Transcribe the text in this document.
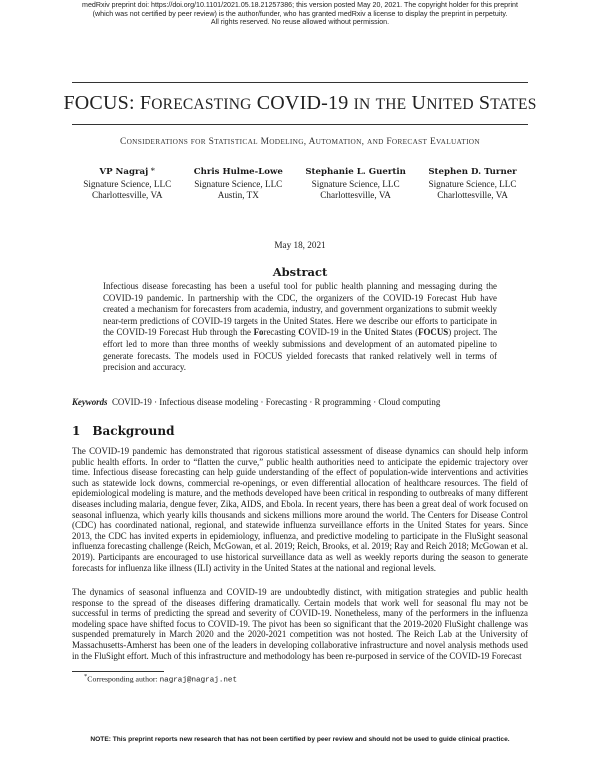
medRxiv preprint doi: https://doi.org/10.1101/2021.05.18.21257386; this version posted May 20, 2021. The copyright holder for this preprint
(which was not certified by peer review) is the author/funder, who has granted medRxiv a license to display the preprint in perpetuity.
All rights reserved. No reuse allowed without permission.
FOCUS: FORECASTING COVID-19 IN THE UNITED STATES
CONSIDERATIONS FOR STATISTICAL MODELING, AUTOMATION, AND FORECAST EVALUATION
VP Nagraj *
Signature Science, LLC
Charlottesville, VA
Chris Hulme-Lowe
Signature Science, LLC
Austin, TX
Stephanie L. Guertin
Signature Science, LLC
Charlottesville, VA
Stephen D. Turner
Signature Science, LLC
Charlottesville, VA
May 18, 2021
Abstract
Infectious disease forecasting has been a useful tool for public health planning and messaging during the COVID-19 pandemic. In partnership with the CDC, the organizers of the COVID-19 Forecast Hub have created a mechanism for forecasters from academia, industry, and government organizations to submit weekly near-term predictions of COVID-19 targets in the United States. Here we describe our efforts to participate in the COVID-19 Forecast Hub through the Forecasting COVID-19 in the United States (FOCUS) project. The effort led to more than three months of weekly submissions and development of an automated pipeline to generate forecasts. The models used in FOCUS yielded forecasts that ranked relatively well in terms of precision and accuracy.
Keywords COVID-19 · Infectious disease modeling · Forecasting · R programming · Cloud computing
1 Background
The COVID-19 pandemic has demonstrated that rigorous statistical assessment of disease dynamics can should help inform public health efforts. In order to “flatten the curve,” public health authorities need to anticipate the epidemic trajectory over time. Infectious disease forecasting can help guide understanding of the effect of population-wide interventions and activities such as statewide lock downs, commercial re-openings, or even differential allocation of healthcare resources. The field of epidemiological modeling is mature, and the methods developed have been critical in responding to outbreaks of many different diseases including malaria, dengue fever, Zika, AIDS, and Ebola. In recent years, there has been a great deal of work focused on seasonal influenza, which yearly kills thousands and sickens millions more around the world. The Centers for Disease Control (CDC) has coordinated national, regional, and statewide influenza surveillance efforts in the United States for years. Since 2013, the CDC has invited experts in epidemiology, influenza, and predictive modeling to participate in the FluSight seasonal influenza forecasting challenge (Reich, McGowan, et al. 2019; Reich, Brooks, et al. 2019; Ray and Reich 2018; McGowan et al. 2019). Participants are encouraged to use historical surveillance data as well as weekly reports during the season to generate forecasts for influenza like illness (ILI) activity in the United States at the national and regional levels.
The dynamics of seasonal influenza and COVID-19 are undoubtedly distinct, with mitigation strategies and public health response to the spread of the diseases differing dramatically. Certain models that work well for seasonal flu may not be successful in terms of predicting the spread and severity of COVID-19. Nonetheless, many of the performers in the influenza modeling space have shifted focus to COVID-19. The pivot has been so significant that the 2019-2020 FluSight challenge was suspended prematurely in March 2020 and the 2020-2021 competition was not hosted. The Reich Lab at the University of Massachusetts-Amherst has been one of the leaders in developing collaborative infrastructure and novel analysis methods used in the FluSight effort. Much of this infrastructure and methodology has been re-purposed in service of the COVID-19 Forecast
*Corresponding author: nagraj@nagraj.net
NOTE: This preprint reports new research that has not been certified by peer review and should not be used to guide clinical practice.
